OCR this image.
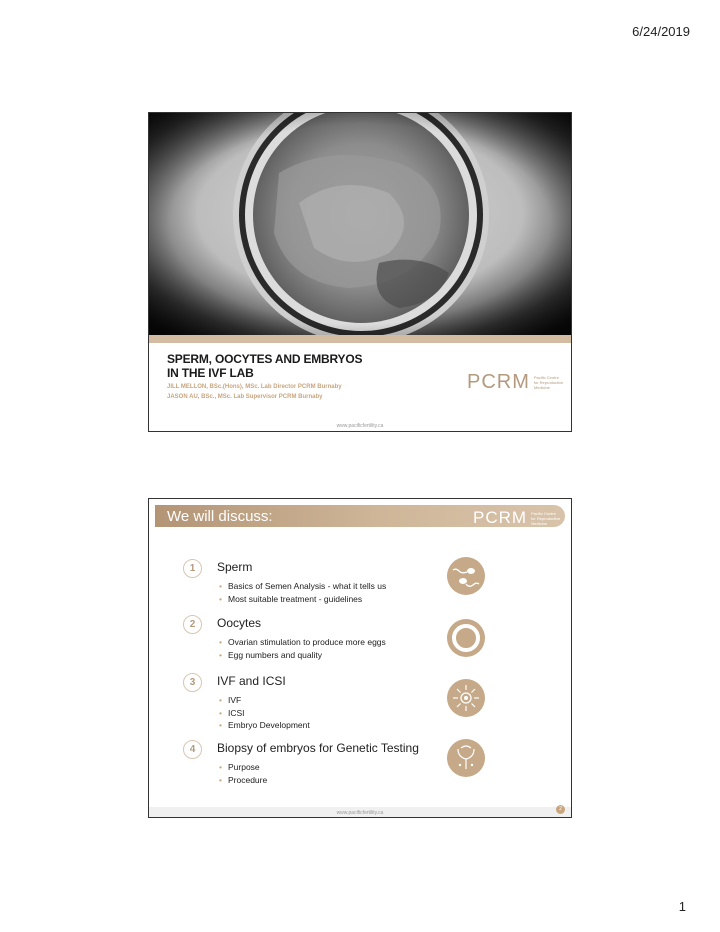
6/24/2019
SPERM, OOCYTES AND EMBRYOS
IN THE IVF LAB
JILL MELLON, BSc.(Hons), MSc. Lab Director PCRM Burnaby
JASON AU, BSc., MSc. Lab Supervisor PCRM Burnaby
PCRM Pacific Centre
for Reproductive
Medicine
www.pacificfertility.ca
We will discuss:	PCRM Pacific Centre
for Reproductive
Medicine
1	Sperm
• Basics of Semen Analysis - what it tells us
• Most suitable treatment - guidelines
2	Oocytes
• Ovarian stimulation to produce more eggs
• Egg numbers and quality
3	IVF and ICSI
• IVF
• ICSI
• Embryo Development
4	Biopsy of embryos for Genetic Testing
• Purpose
• Procedure
www.pacificfertility.ca
2
1
